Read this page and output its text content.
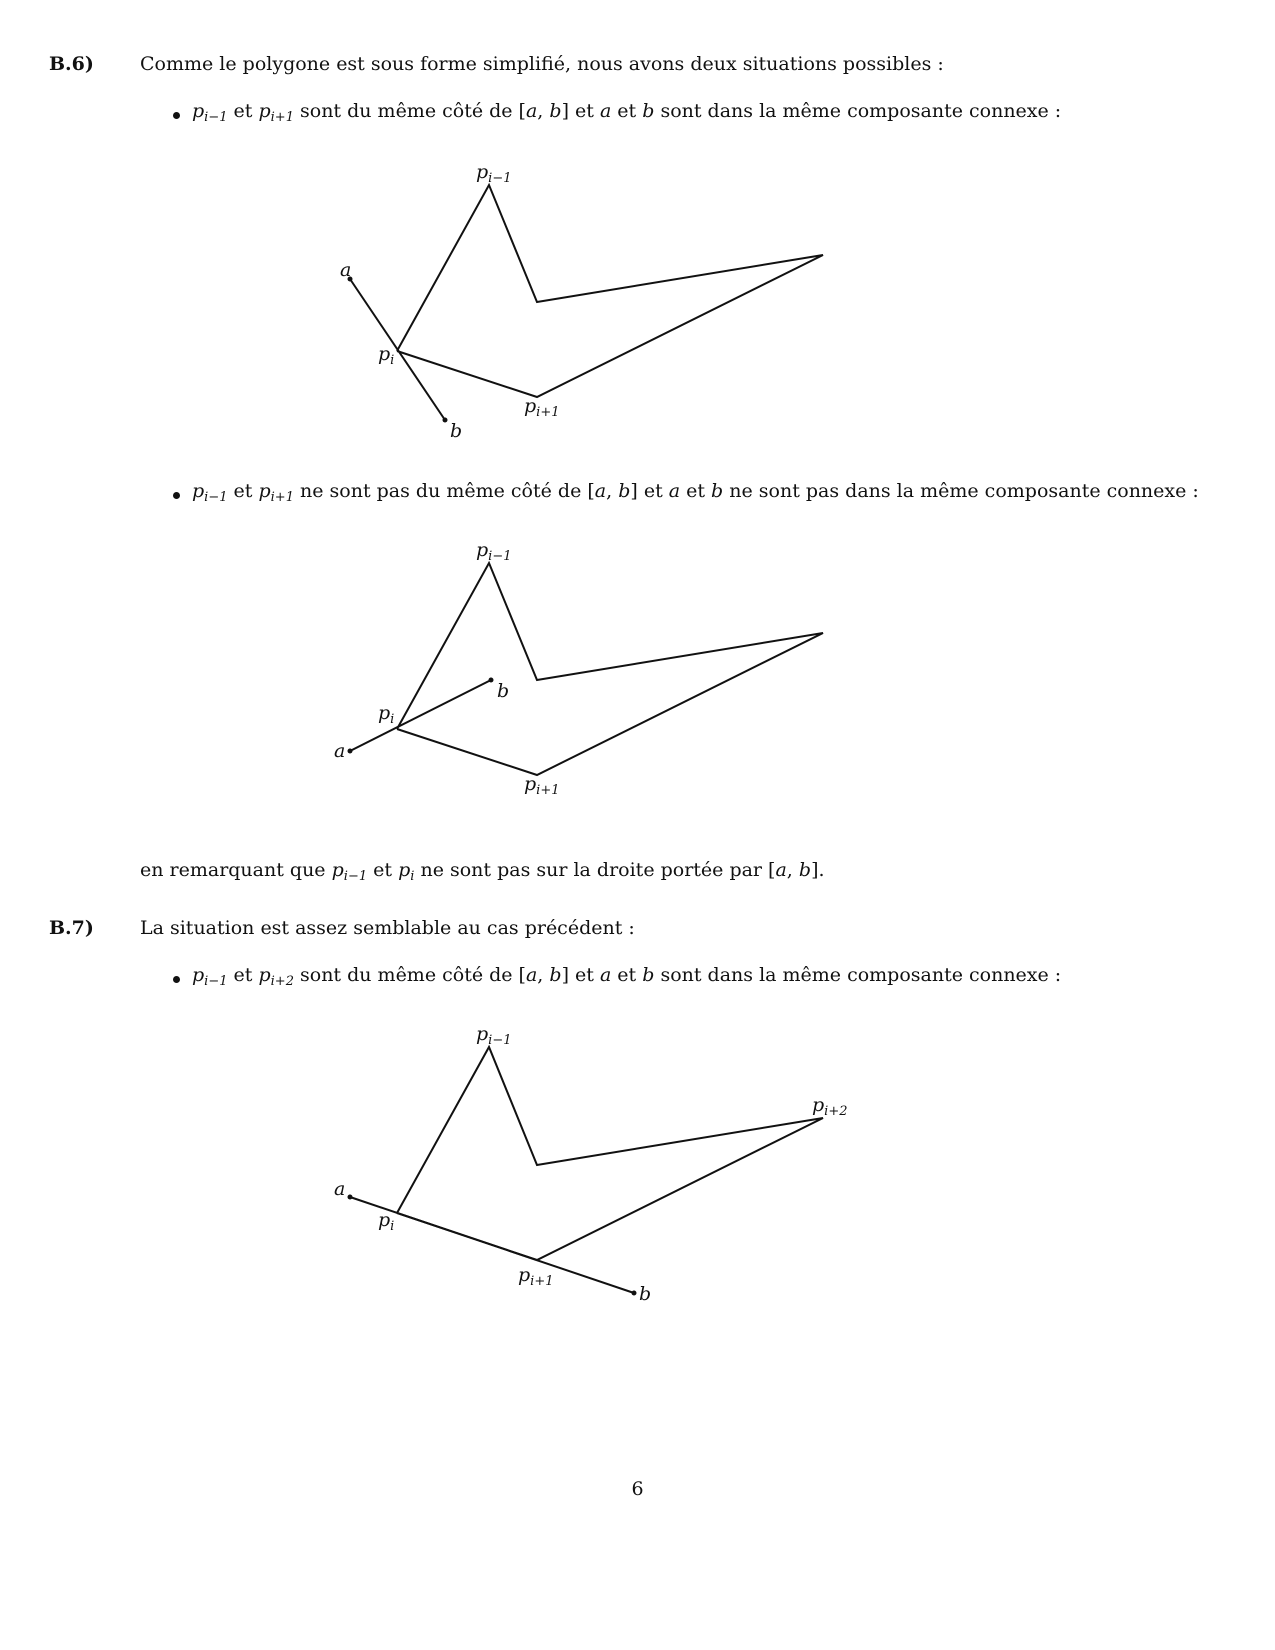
B.6) Comme le polygone est sous forme simplifié, nous avons deux situations possibles :
$p_{i-1}$ et $p_{i+1}$ sont du même côté de [a, b] et a et b sont dans la même composante connexe :
$p_{i-1}$
a
$p_i$
$p_{i+1}$
b
$p_{i-1}$ et $p_{i+1}$ ne sont pas du même côté de [a, b] et a et b ne sont pas dans la même composante connexe :
$p_{i-1}$
$p_i$
a
b
$p_{i+1}$
en remarquant que $p_{i-1}$ et $p_i$ ne sont pas sur la droite portée par [a, b].
B.7) La situation est assez semblable au cas précédent :
$p_{i-1}$ et $p_{i+2}$ sont du même côté de [a, b] et a et b sont dans la même composante connexe :
$p_{i-1}$
$p_{i+2}$
a
$p_i$
$p_{i+1}$
b
6
